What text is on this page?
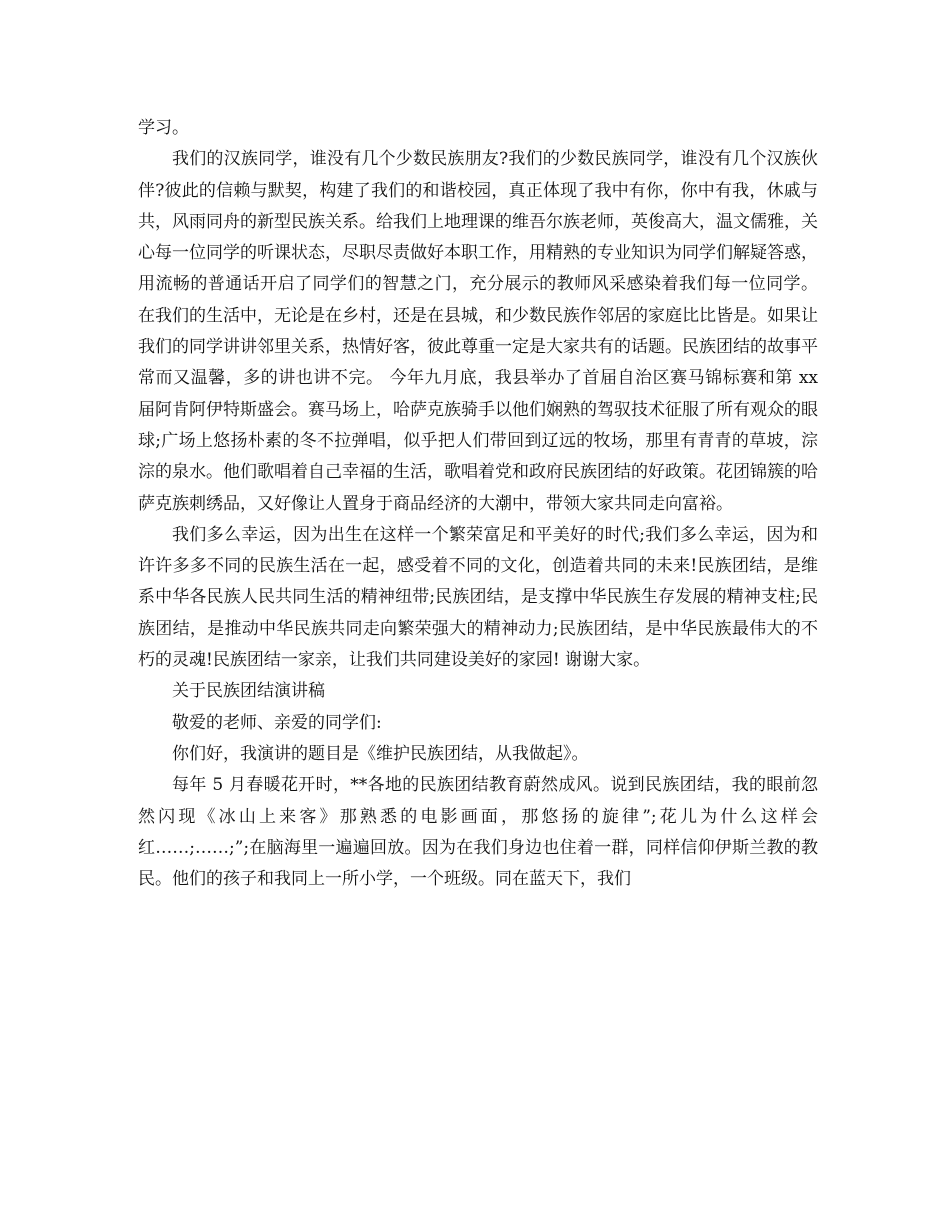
学习。

我们的汉族同学，谁没有几个少数民族朋友?我们的少数民族同学，谁没有几个汉族伙伴?彼此的信赖与默契，构建了我们的和谐校园，真正体现了我中有你，你中有我，休戚与共，风雨同舟的新型民族关系。给我们上地理课的维吾尔族老师，英俊高大，温文儒雅，关心每一位同学的听课状态，尽职尽责做好本职工作，用精熟的专业知识为同学们解疑答惑，用流畅的普通话开启了同学们的智慧之门，充分展示的教师风采感染着我们每一位同学。 在我们的生活中，无论是在乡村，还是在县城，和少数民族作邻居的家庭比比皆是。如果让我们的同学讲讲邻里关系，热情好客，彼此尊重一定是大家共有的话题。民族团结的故事平常而又温馨，多的讲也讲不完。 今年九月底，我县举办了首届自治区赛马锦标赛和第 xx 届阿肯阿伊特斯盛会。赛马场上，哈萨克族骑手以他们娴熟的驾驭技术征服了所有观众的眼球;广场上悠扬朴素的冬不拉弹唱，似乎把人们带回到辽远的牧场，那里有青青的草坡，淙淙的泉水。他们歌唱着自己幸福的生活，歌唱着党和政府民族团结的好政策。花团锦簇的哈萨克族刺绣品，又好像让人置身于商品经济的大潮中，带领大家共同走向富裕。

我们多么幸运，因为出生在这样一个繁荣富足和平美好的时代;我们多么幸运，因为和许许多多不同的民族生活在一起，感受着不同的文化，创造着共同的未来!民族团结，是维系中华各民族人民共同生活的精神纽带;民族团结，是支撑中华民族生存发展的精神支柱;民族团结，是推动中华民族共同走向繁荣强大的精神动力;民族团结，是中华民族最伟大的不朽的灵魂!民族团结一家亲，让我们共同建设美好的家园! 谢谢大家。

关于民族团结演讲稿

敬爱的老师、亲爱的同学们:

你们好，我演讲的题目是《维护民族团结，从我做起》。

每年 5 月春暖花开时，**各地的民族团结教育蔚然成风。说到民族团结，我的眼前忽然闪现《冰山上来客》那熟悉的电影画面，那悠扬的旋律”;花儿为什么这样会红……;……;”;在脑海里一遍遍回放。因为在我们身边也住着一群，同样信仰伊斯兰教的教民。他们的孩子和我同上一所小学，一个班级。同在蓝天下，我们
